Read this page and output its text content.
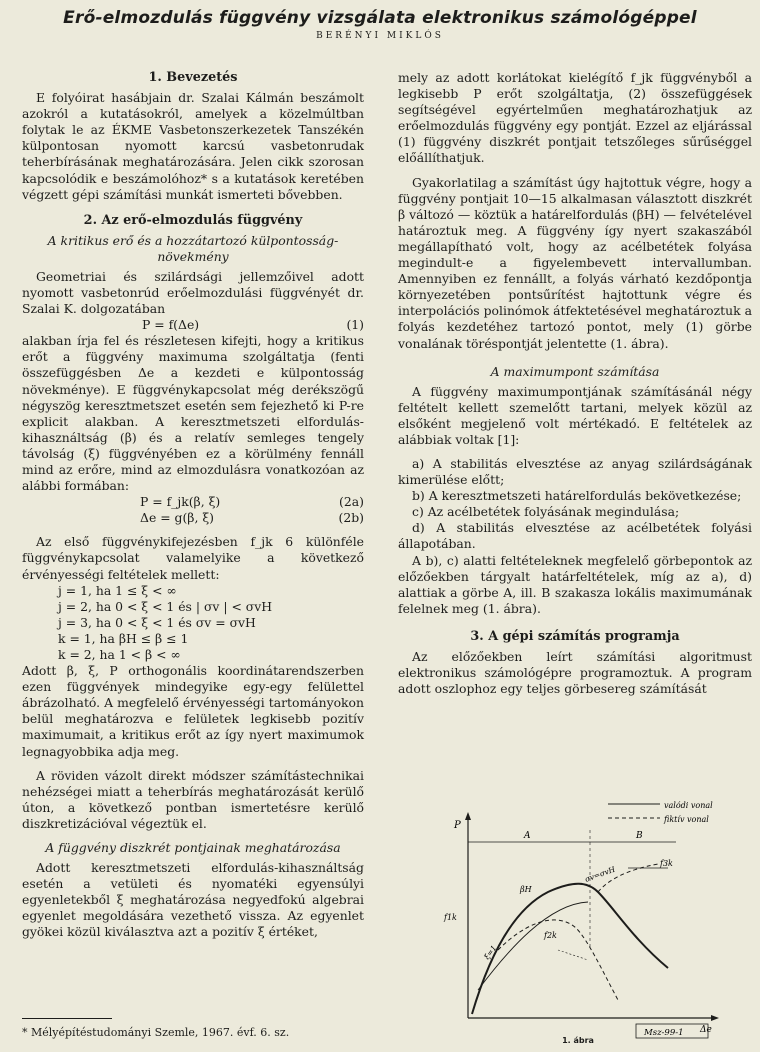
Erő-elmozdulás függvény vizsgálata elektronikus számológéppel
BERÉNYI MIKLÓS
1. Bevezetés

E folyóirat hasábjain dr. Szalai Kálmán beszámolt azokról a kutatásokról, amelyek a közelmúltban folytak le az ÉKME Vasbetonszerkezetek Tanszékén külpontosan nyomott karcsú vasbetonrudak teherbírásának meghatározására. Jelen cikk szorosan kapcsolódik e beszámolóhoz* s a kutatások keretében végzett gépi számítási munkát ismerteti bővebben.

2. Az erő-elmozdulás függvény
A kritikus erő és a hozzátartozó külpontosság-növekmény

Geometriai és szilárdsági jellemzőivel adott nyomott vasbetonrúd erőelmozdulási függvényét dr. Szalai K. dolgozatában

P = f(Δe)	(1)

alakban írja fel és részletesen kifejti, hogy a kritikus erőt a függvény maximuma szolgáltatja (fenti összefüggésben Δe a kezdeti e külpontosság növekménye). E függvénykapcsolat még derékszögű négyszög keresztmetszet esetén sem fejezhető ki P-re explicit alakban. A keresztmetszeti elfordulás-kihasználtság (β) és a relatív semleges tengely távolság (ξ) függvényében ez a körülmény fennáll mind az erőre, mind az elmozdulásra vonatkozóan az alábbi formában:

P = f_jk(β, ξ)	(2a)
Δe = g(β, ξ)	(2b)

Az első függvénykifejezésben f_jk 6 különféle függvénykapcsolat valamelyike a következő érvényességi feltételek mellett:

j = 1, ha 1 ≤ ξ < ∞
j = 2, ha 0 < ξ < 1 és | σv | < σvH
j = 3, ha 0 < ξ < 1 és σv = σvH
k = 1, ha βH ≤ β ≤ 1
k = 2, ha 1 < β < ∞

Adott β, ξ, P orthogonális koordinátarendszerben ezen függvények mindegyike egy-egy felülettel ábrázolható. A megfelelő érvényességi tartományokon belül meghatározva e felületek legkisebb pozitív maximumait, a kritikus erőt az így nyert maximumok legnagyobbika adja meg.

A röviden vázolt direkt módszer számítástechnikai nehézségei miatt a teherbírás meghatározását kerülő úton, a következő pontban ismertetésre kerülő diszkretizációval végeztük el.

A függvény diszkrét pontjainak meghatározása

Adott keresztmetszeti elfordulás-kihasználtság esetén a vetületi és nyomatéki egyensúlyi egyenletekből ξ meghatározása negyedfokú algebrai egyenlet megoldására vezethető vissza. Az egyenlet gyökei közül kiválasztva azt a pozitív ξ értéket,

* Mélyépítéstudományi Szemle, 1967. évf. 6. sz.

mely az adott korlátokat kielégítő f_jk függvényből a legkisebb P erőt szolgáltatja, (2) összefüggések segítségével egyértelműen meghatározhatjuk az erőelmozdulás függvény egy pontját. Ezzel az eljárással (1) függvény diszkrét pontjait tetszőleges sűrűséggel előállíthatjuk.

Gyakorlatilag a számítást úgy hajtottuk végre, hogy a függvény pontjait 10—15 alkalmasan választott diszkrét β változó — köztük a határelfordulás (βH) — felvételével határoztuk meg. A függvény így nyert szakaszából megállapítható volt, hogy az acélbetétek folyása megindult-e a figyelembevett intervallumban. Amennyiben ez fennállt, a folyás várható kezdőpontja környezetében pontsűrítést hajtottunk végre és interpolációs polinómok átfektetésével meghatároztuk a folyás kezdetéhez tartozó pontot, mely (1) görbe vonalának töréspontját jelentette (1. ábra).

A maximumpont számítása

A függvény maximumpontjának számításánál négy feltételt kellett szemelőtt tartani, melyek közül az elsőként megjelenő volt mértékadó. E feltételek az alábbiak voltak [1]:

a) A stabilitás elvesztése az anyag szilárdságának kimerülése előtt;

b) A keresztmetszeti határelfordulás bekövetkezése;

c) Az acélbetétek folyásának megindulása;

d) A stabilitás elvesztése az acélbetétek folyási állapotában.

A b), c) alatti feltételeknek megfelelő görbepontok az előzőekben tárgyalt határfeltételek, míg az a), d) alattiak a görbe A, ill. B szakasza lokális maximumának felelnek meg (1. ábra).

3. A gépi számítás programja

Az előzőekben leírt számítási algoritmust elektronikus számológépre programoztuk. A program adott oszlophoz egy teljes görbesereg számítását

P
Δe
valódi vonal
fiktív vonal
A	B
f1k
f2k
f3k
βH
σv=σvH
ξ=1
Msz-99-1
1. ábra
